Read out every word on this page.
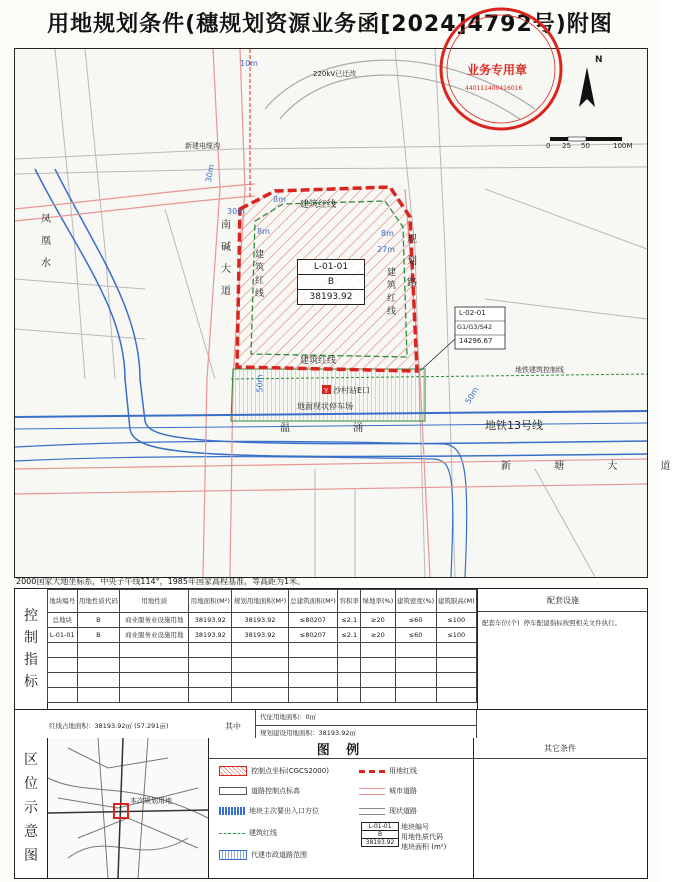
用地规划条件(穗规划资源业务函[2024]4792号)附图
Y
业务专用章
440111400416016
220kV已迁改
新建电缆沟
10m
30m
30m
27m
50m
50m
8m
8m	8m
建筑红线
建筑红线
建
筑
红
线
建
筑
红
线
南
碱
大
道
规
划
路
凤
凰
水
温 涌
新 塘 大 道
地铁13号线
地铁建筑控制线
沙村站E口
地面现状停车场
L-01-01
B
38193.92
L-02-01
G1/G3/S42
14296.67
N
0 25 50	100M
2000国家大地坐标系，中央子午线114°，1985年国家高程基准，等高距为1米。
控
制
指
标
地块编号	用地性质代码	用地性质	用地面积(M²)	规划用地面积(M²)	总建筑面积(M²)	容积率	绿地率(%)	建筑密度(%)	建筑限高(M)
总地块	B	商业服务业设施用地	38193.92	38193.92	≤80207	≤2.1	≥20	≤60	≤100
L-01-01	B	商业服务业设施用地	38193.92	38193.92	≤80207	≤2.1	≥20	≤60	≤100

配套设施
配套车位(个) 停车配建指标按照相关文件执行。
红线占地面积：38193.92㎡ (57.291亩)	其中
代征用地面积：0㎡
规划建设用地面积：38193.92㎡
区
位
示
意
图
本次规划用地
图 例
控制点坐标(CGCS2000)
道路控制点标高
地块主次要出入口方位
建筑红线
代建市政道路范围
用地红线
城市道路
现状道路
L-01-01
B
38193.92
地块编号
用地性质代码
地块面积 (m²)
其它条件
